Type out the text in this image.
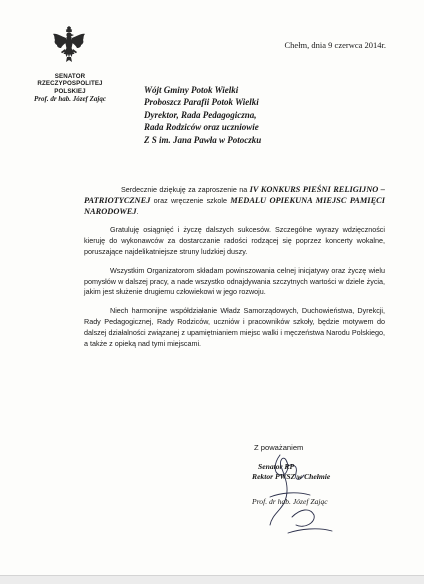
SENATOR
RZECZYPOSPOLITEJ POLSKIEJ
Prof. dr hab. Józef Zając
Chełm, dnia 9 czerwca 2014r.
Wójt Gminy Potok Wielki
Proboszcz Parafii Potok Wielki
Dyrektor, Rada Pedagogiczna,
Rada Rodziców oraz uczniowie
Z S im. Jana Pawła w Potoczku

Serdecznie dziękuję za zaproszenie na IV KONKURS PIEŚNI RELIGIJNO – PATRIOTYCZNEJ oraz wręczenie szkole MEDALU OPIEKUNA MIEJSC PAMIĘCI NARODOWEJ.

Gratuluję osiągnięć i życzę dalszych sukcesów. Szczególne wyrazy wdzięczności kieruję do wykonawców za dostarczanie radości rodzącej się poprzez koncerty wokalne, poruszające najdelikatniejsze struny ludzkiej duszy.

Wszystkim Organizatorom składam powinszowania celnej inicjatywy oraz życzę wielu pomysłów w dalszej pracy, a nade wszystko odnajdywania szczytnych wartości w dziele życia, jakim jest służenie drugiemu człowiekowi w jego rozwoju.

Niech harmonijne współdziałanie Władz Samorządowych, Duchowieństwa, Dyrekcji, Rady Pedagogicznej, Rady Rodziców, uczniów i pracowników szkoły, będzie motywem do dalszej działalności związanej z upamiętnianiem miejsc walki i męczeństwa Narodu Polskiego, a także z opieką nad tymi miejscami.

Z poważaniem
Senator RP
Rektor PWSZ w Chełmie
Prof. dr hab. Józef Zając
